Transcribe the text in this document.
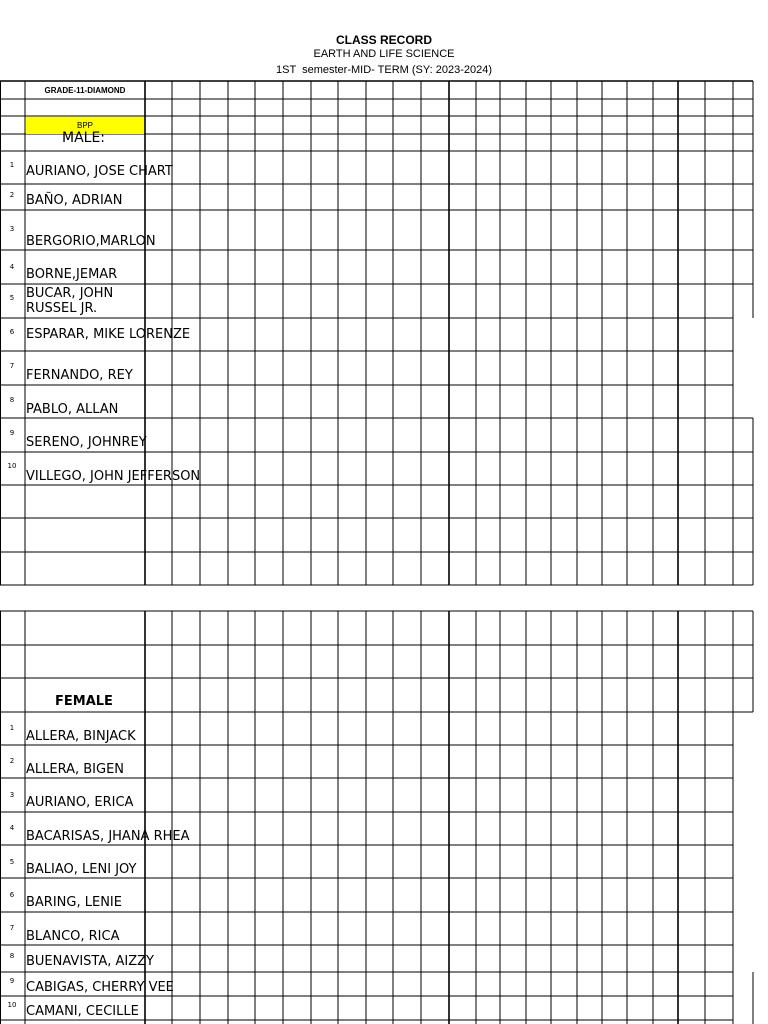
CLASS RECORD
EARTH AND LIFE SCIENCE
1ST  semester-MID- TERM (SY: 2023-2024)
GRADE-11-DIAMOND
BPP
MALE:
FEMALE
1 AURIANO, JOSE CHART
2 BAÑO, ADRIAN
3
BERGORIO,MARLON
4 BORNE,JEMAR
5 BUCAR, JOHN
RUSSEL JR.
6 ESPARAR, MIKE LORENZE
7
FERNANDO, REY
8
PABLO, ALLAN
9
SERENO, JOHNREY
10
VILLEGO, JOHN JEFFERSON
1
ALLERA, BINJACK
2
ALLERA, BIGEN
3 AURIANO, ERICA
4
BACARISAS, JHANA RHEA
5 BALIAO, LENI JOY
6 BARING, LENIE
7
BLANCO, RICA
8 BUENAVISTA, AIZZY
9 CABIGAS, CHERRY VEE
10 CAMANI, CECILLE
